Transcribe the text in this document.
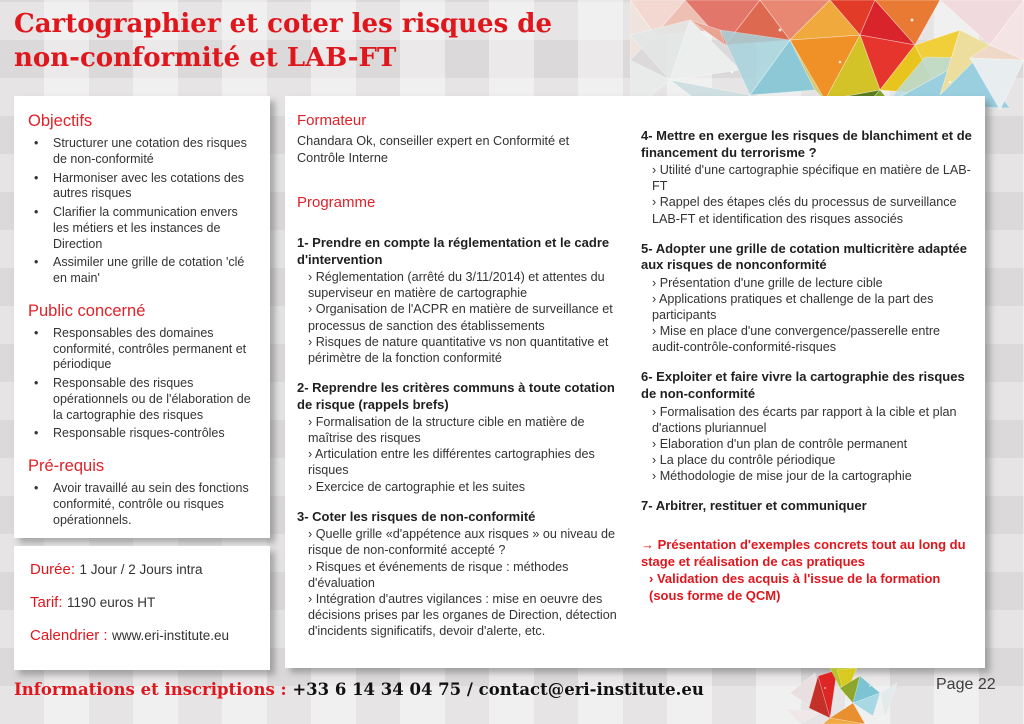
Cartographier et coter les risques de
non-conformité et LAB-FT
Objectifs
• Structurer une cotation des risques de non-conformité
• Harmoniser avec les cotations des autres risques
• Clarifier la communication envers les métiers et les instances de Direction
• Assimiler une grille de cotation 'clé en main'
Public concerné
• Responsables des domaines conformité, contrôles permanent et périodique
• Responsable des risques opérationnels ou de l'élaboration de la cartographie des risques
• Responsable risques-contrôles
Pré-requis
• Avoir travaillé au sein des fonctions conformité, contrôle ou risques opérationnels.
Durée: 1 Jour / 2 Jours intra
Tarif: 1190 euros HT
Calendrier : www.eri-institute.eu
Formateur
Chandara Ok, conseiller expert en Conformité et Contrôle Interne
Programme
1- Prendre en compte la réglementation et le cadre d'intervention
› Réglementation (arrêté du 3/11/2014) et attentes du superviseur en matière de cartographie
› Organisation de l'ACPR en matière de surveillance et processus de sanction des établissements
› Risques de nature quantitative vs non quantitative et périmètre de la fonction conformité
2- Reprendre les critères communs à toute cotation de risque (rappels brefs)
› Formalisation de la structure cible en matière de maîtrise des risques
› Articulation entre les différentes cartographies des risques
› Exercice de cartographie et les suites
3- Coter les risques de non-conformité
› Quelle grille «d'appétence aux risques » ou niveau de risque de non-conformité accepté ?
› Risques et événements de risque : méthodes d'évaluation
› Intégration d'autres vigilances : mise en oeuvre des décisions prises par les organes de Direction, détection d'incidents significatifs, devoir d'alerte, etc.
4- Mettre en exergue les risques de blanchiment et de financement du terrorisme ?
› Utilité d'une cartographie spécifique en matière de LAB-FT
› Rappel des étapes clés du processus de surveillance LAB-FT et identification des risques associés
5- Adopter une grille de cotation multicritère adaptée aux risques de nonconformité
› Présentation d'une grille de lecture cible
› Applications pratiques et challenge de la part des participants
› Mise en place d'une convergence/passerelle entre audit-contrôle-conformité-risques
6- Exploiter et faire vivre la cartographie des risques de non-conformité
› Formalisation des écarts par rapport à la cible et plan d'actions pluriannuel
› Elaboration d'un plan de contrôle permanent
› La place du contrôle périodique
› Méthodologie de mise jour de la cartographie
7- Arbitrer, restituer et communiquer
→ Présentation d'exemples concrets tout au long du stage et réalisation de cas pratiques
› Validation des acquis à l'issue de la formation (sous forme de QCM)
Informations et inscriptions : +33 6 14 34 04 75 / contact@eri-institute.eu	Page 22
